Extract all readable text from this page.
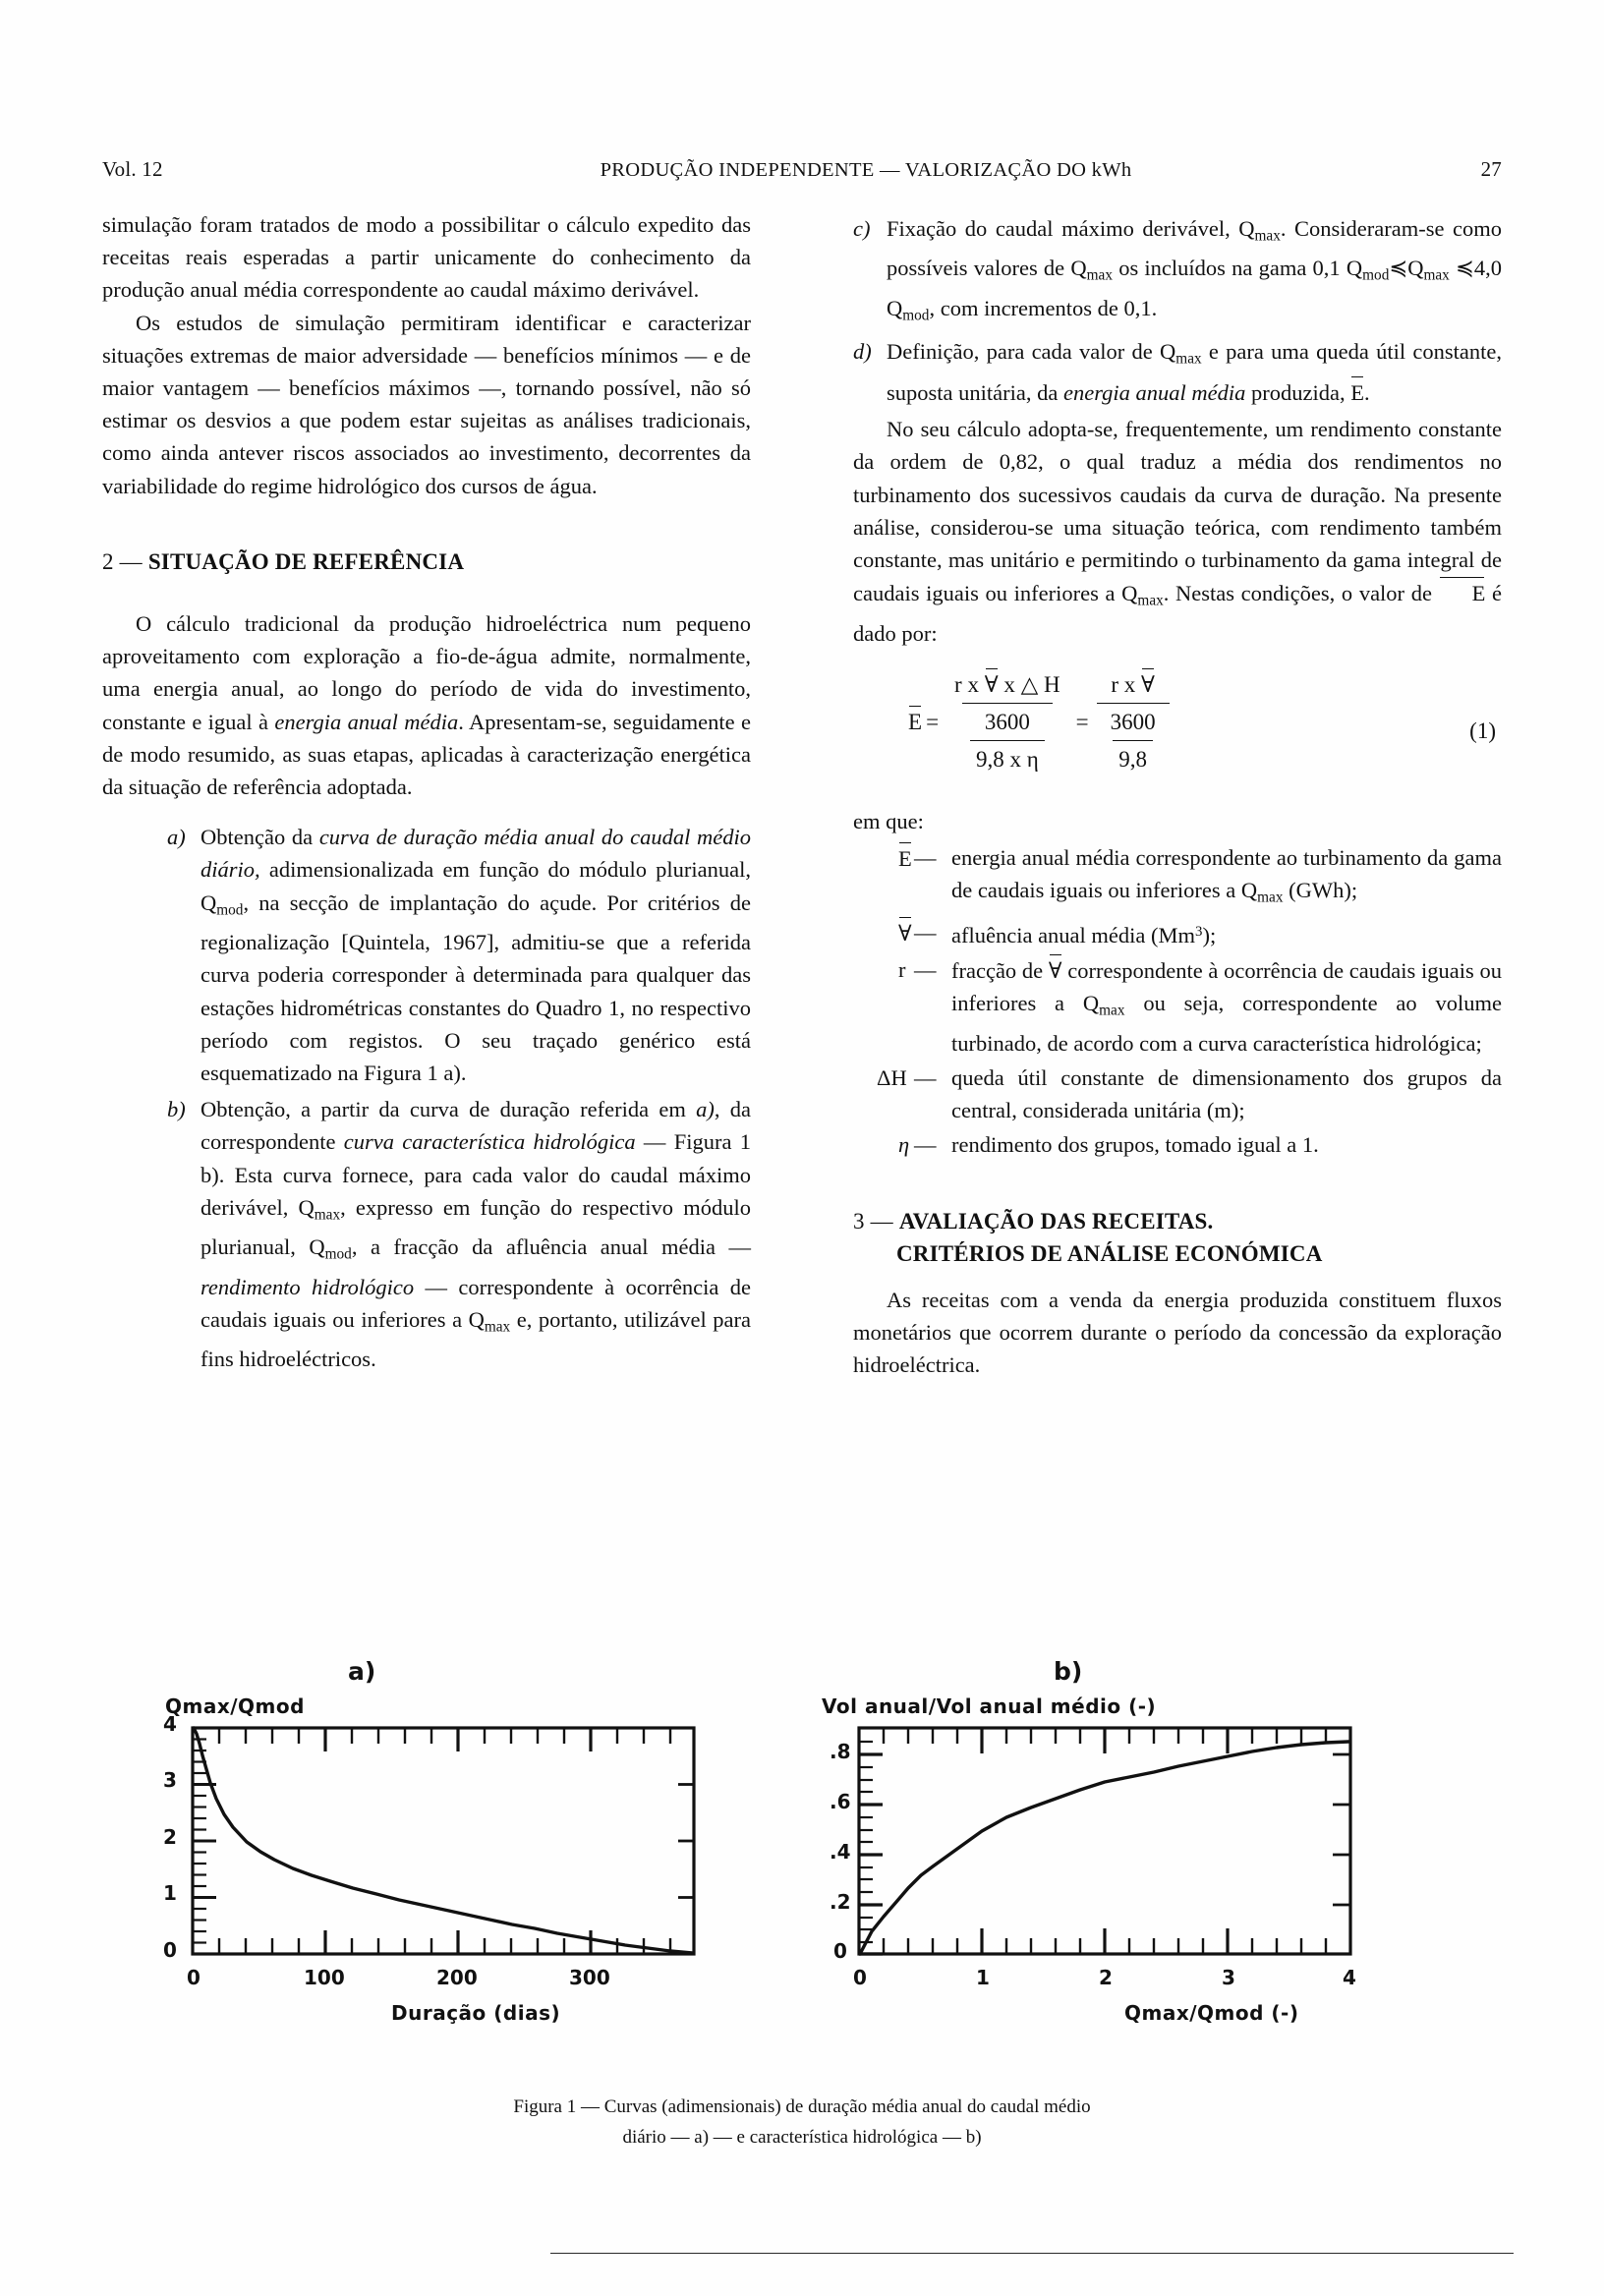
Vol. 12	PRODUÇÃO INDEPENDENTE — VALORIZAÇÃO DO kWh	27

simulação foram tratados de modo a possibilitar o cálculo expedito das receitas reais esperadas a partir unicamente do conhecimento da produção anual média correspondente ao caudal máximo derivável.

Os estudos de simulação permitiram identificar e caracterizar situações extremas de maior adversidade — benefícios mínimos — e de maior vantagem — benefícios máximos —, tornando possível, não só estimar os desvios a que podem estar sujeitas as análises tradicionais, como ainda antever riscos associados ao investimento, decorrentes da variabilidade do regime hidrológico dos cursos de água.

2 — SITUAÇÃO DE REFERÊNCIA

O cálculo tradicional da produção hidroeléctrica num pequeno aproveitamento com exploração a fio-de-água admite, normalmente, uma energia anual, ao longo do período de vida do investimento, constante e igual à energia anual média. Apresentam-se, seguidamente e de modo resumido, as suas etapas, aplicadas à caracterização energética da situação de referência adoptada.

a) Obtenção da curva de duração média anual do caudal médio diário, adimensionalizada em função do módulo plurianual, $Q_{mod}$, na secção de implantação do açude. Por critérios de regionalização [Quintela, 1967], admitiu-se que a referida curva poderia corresponder à determinada para qualquer das estações hidrométricas constantes do Quadro 1, no respectivo período com registos. O seu traçado genérico está esquematizado na Figura 1 a).
b) Obtenção, a partir da curva de duração referida em a), da correspondente curva característica hidrológica — Figura 1 b). Esta curva fornece, para cada valor do caudal máximo derivável, $Q_{max}$, expresso em função do respectivo módulo plurianual, $Q_{mod}$, a fracção da afluência anual média — rendimento hidrológico — correspondente à ocorrência de caudais iguais ou inferiores a $Q_{max}$ e, portanto, utilizável para fins hidroeléctricos.
c) Fixação do caudal máximo derivável, $Q_{max}$. Consideraram-se como possíveis valores de $Q_{max}$ os incluídos na gama 0,1 $Q_{mod}≼Q_{max}$ ≼4,0 $Q_{mod}$, com incrementos de 0,1.
d) Definição, para cada valor de $Q_{max}$ e para uma queda útil constante, suposta unitária, da energia anual média produzida, E.

No seu cálculo adopta-se, frequentemente, um rendimento constante da ordem de 0,82, o qual traduz a média dos rendimentos no turbinamento dos sucessivos caudais da curva de duração. Na presente análise, considerou-se uma situação teórica, com rendimento também constante, mas unitário e permitindo o turbinamento da gama integral de caudais iguais ou inferiores a $Q_{max}$. Nestas condições, o valor de E é dado por:

$E = \frac{\text{r x ∀ x △ H}}{\frac{3600}{\text{9,8 x η}}} = \frac{\text{r x ∀}}{\frac{3600}{9,8}}$	(1)

em que:

E — energia anual média correspondente ao turbinamento da gama de caudais iguais ou inferiores a $Q_{max}$ (GWh);
∀ — afluência anual média (Mm$^3$);
r — fracção de ∀ correspondente à ocorrência de caudais iguais ou inferiores a $Q_{max}$ ou seja, correspondente ao volume turbinado, de acordo com a curva característica hidrológica;
ΔH — queda útil constante de dimensionamento dos grupos da central, considerada unitária (m);
η — rendimento dos grupos, tomado igual a 1.
3 — AVALIAÇÃO DAS RECEITAS.
CRITÉRIOS DE ANÁLISE ECONÓMICA

As receitas com a venda da energia produzida constituem fluxos monetários que ocorrem durante o período da concessão da exploração hidroeléctrica.

a)
Qmax/Qmod
4
3
2
1
0
0	100	200	300
Duração (dias)
b)
Vol anual/Vol anual médio (-)
.8
.6
.4
.2
0
0	1	2	3	4
Qmax/Qmod (-)
Figura 1 — Curvas (adimensionais) de duração média anual do caudal médio
diário — a) — e característica hidrológica — b)
